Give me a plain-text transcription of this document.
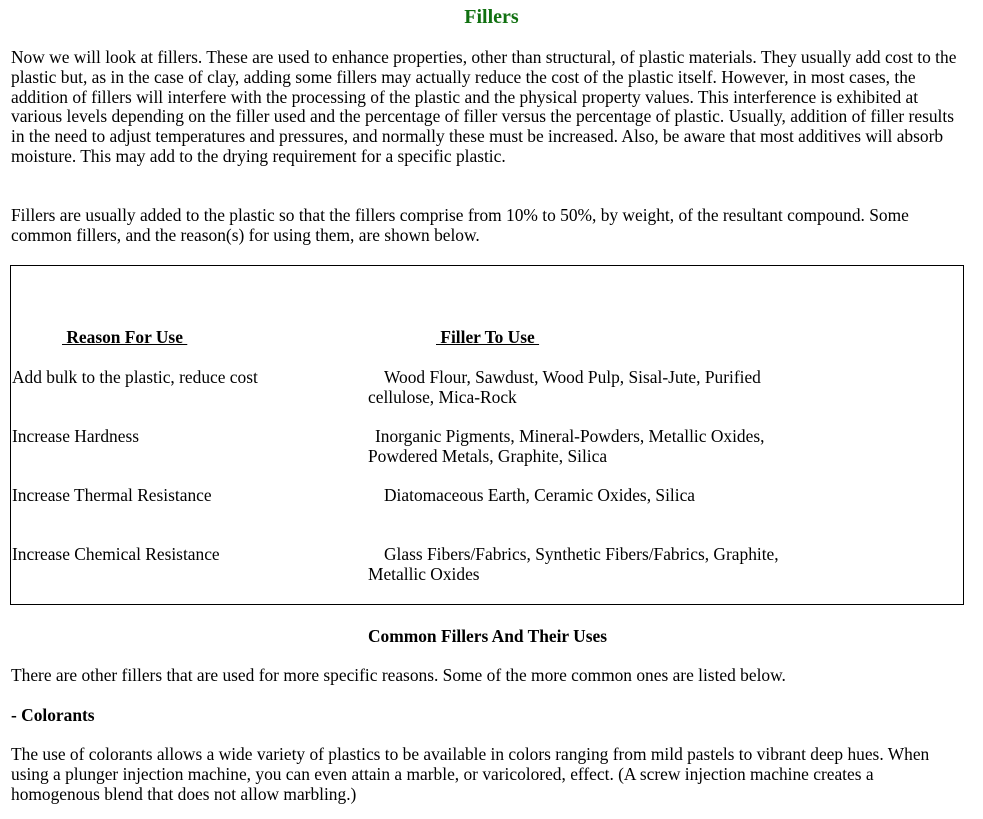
Fillers

Now we will look at fillers. These are used to enhance properties, other than structural, of plastic materials. They usually add cost to the plastic but, as in the case of clay, adding some fillers may actually reduce the cost of the plastic itself. However, in most cases, the addition of fillers will interfere with the processing of the plastic and the physical property values. This interference is exhibited at various levels depending on the filler used and the percentage of filler versus the percentage of plastic. Usually, addition of filler results in the need to adjust temperatures and pressures, and normally these must be increased. Also, be aware that most additives will absorb moisture. This may add to the drying requirement for a specific plastic.

Fillers are usually added to the plastic so that the fillers comprise from 10% to 50%, by weight, of the resultant compound. Some common fillers, and the reason(s) for using them, are shown below.

Reason For Use	Filler To Use
Add bulk to the plastic, reduce cost	Wood Flour, Sawdust, Wood Pulp, Sisal-Jute, Purified cellulose, Mica-Rock
Increase Hardness	Inorganic Pigments, Mineral-Powders, Metallic Oxides, Powdered Metals, Graphite, Silica
Increase Thermal Resistance	Diatomaceous Earth, Ceramic Oxides, Silica
Increase Chemical Resistance	Glass Fibers/Fabrics, Synthetic Fibers/Fabrics, Graphite, Metallic Oxides
Common Fillers And Their Uses

There are other fillers that are used for more specific reasons. Some of the more common ones are listed below.

- Colorants

The use of colorants allows a wide variety of plastics to be available in colors ranging from mild pastels to vibrant deep hues. When using a plunger injection machine, you can even attain a marble, or varicolored, effect. (A screw injection machine creates a homogenous blend that does not allow marbling.)
